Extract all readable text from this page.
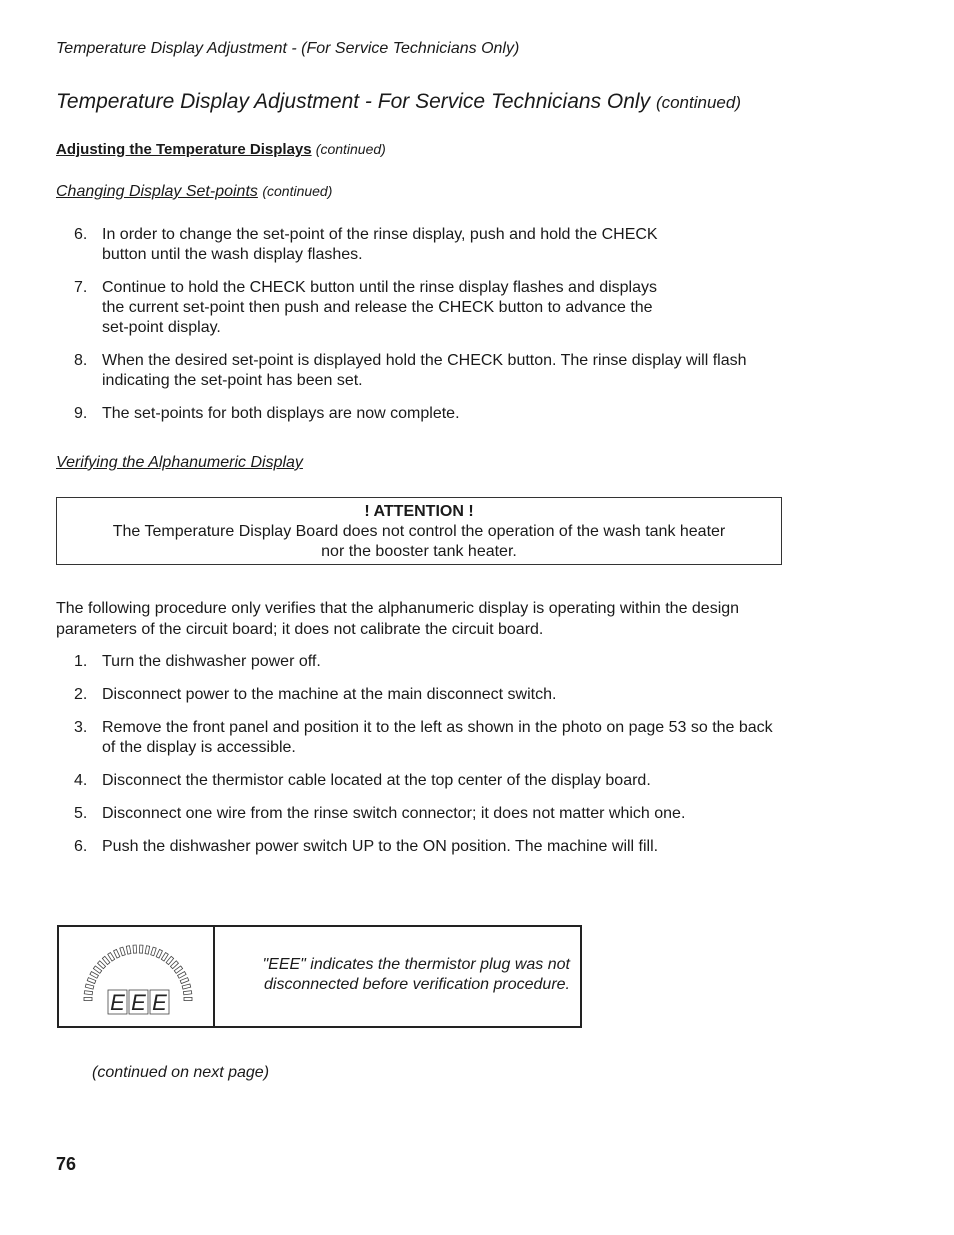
Temperature Display Adjustment - (For Service Technicians Only)
Temperature Display Adjustment - For Service Technicians Only (continued)
Adjusting the Temperature Displays (continued)
Changing Display Set-points (continued)
6. In order to change the set-point of the rinse display, push and hold the CHECK button until the wash display flashes.
7. Continue to hold the CHECK button until the rinse display flashes and displays the current set-point then push and release the CHECK button to advance the set-point display.
8. When the desired set-point is displayed hold the CHECK button. The rinse display will flash indicating the set-point has been set.
9. The set-points for both displays are now complete.
Verifying the Alphanumeric Display
! ATTENTION !
The Temperature Display Board does not control the operation of the wash tank heater
nor the booster tank heater.
The following procedure only verifies that the alphanumeric display is operating within the design parameters of the circuit board; it does not calibrate the circuit board.
1. Turn the dishwasher power off.
2. Disconnect power to the machine at the main disconnect switch.
3. Remove the front panel and position it to the left as shown in the photo on page 53 so the back of the display is accessible.
4. Disconnect the thermistor cable located at the top center of the display board.
5. Disconnect one wire from the rinse switch connector; it does not matter which one.
6. Push the dishwasher power switch UP to the ON position. The machine will fill.
E E E
"EEE" indicates the thermistor plug was not
disconnected before verification procedure.
(continued on next page)
76
